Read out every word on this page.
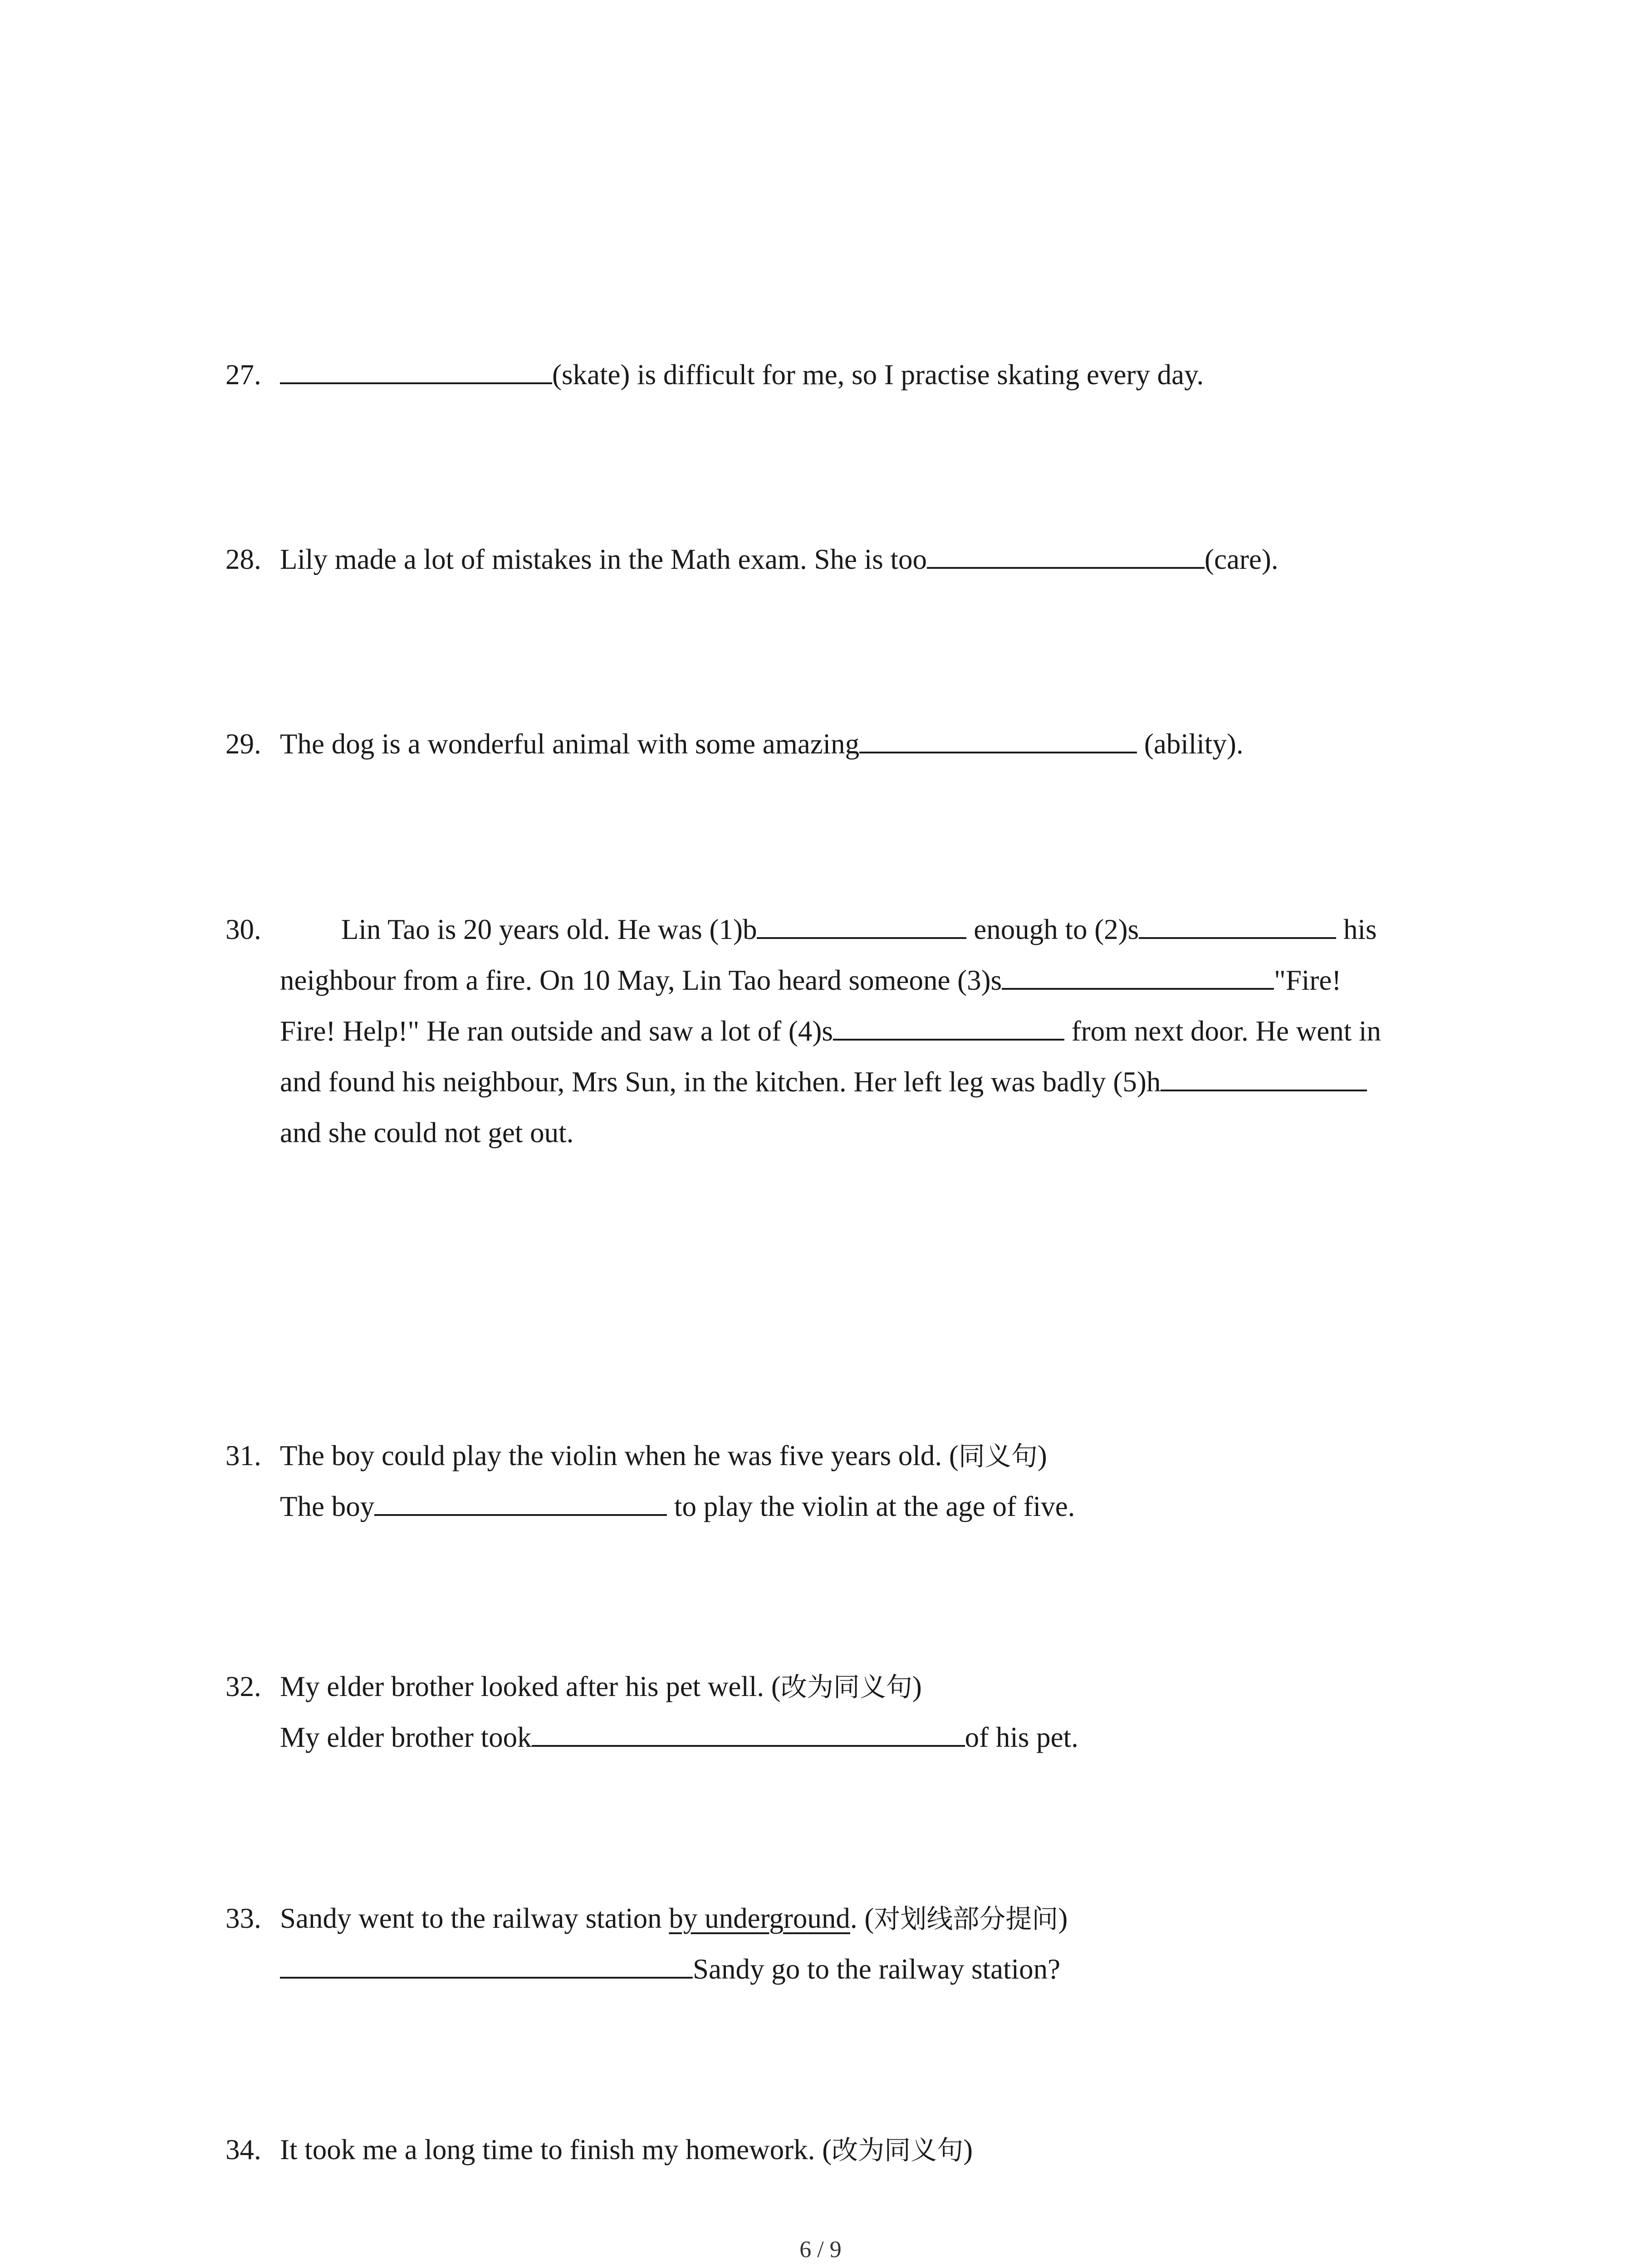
27.	(skate) is difficult for me, so I practise skating every day.
28. Lily made a lot of mistakes in the Math exam. She is too	(care).
29. The dog is a wonderful animal with some amazing	(ability).
30.	Lin Tao is 20 years old. He was (1)b	enough to (2)s	his
neighbour from a fire. On 10 May, Lin Tao heard someone (3)s	"Fire!
Fire! Help!" He ran outside and saw a lot of (4)s	from next door. He went in
and found his neighbour, Mrs Sun, in the kitchen. Her left leg was badly (5)h
and she could not get out.
31. The boy could play the violin when he was five years old. (同义句)
The boy	to play the violin at the age of five.
32. My elder brother looked after his pet well. (改为同义句)
My elder brother took	of his pet.
33. Sandy went to the railway station by underground. (对划线部分提问)
Sandy go to the railway station?
34. It took me a long time to finish my homework. (改为同义句)
6 / 9
